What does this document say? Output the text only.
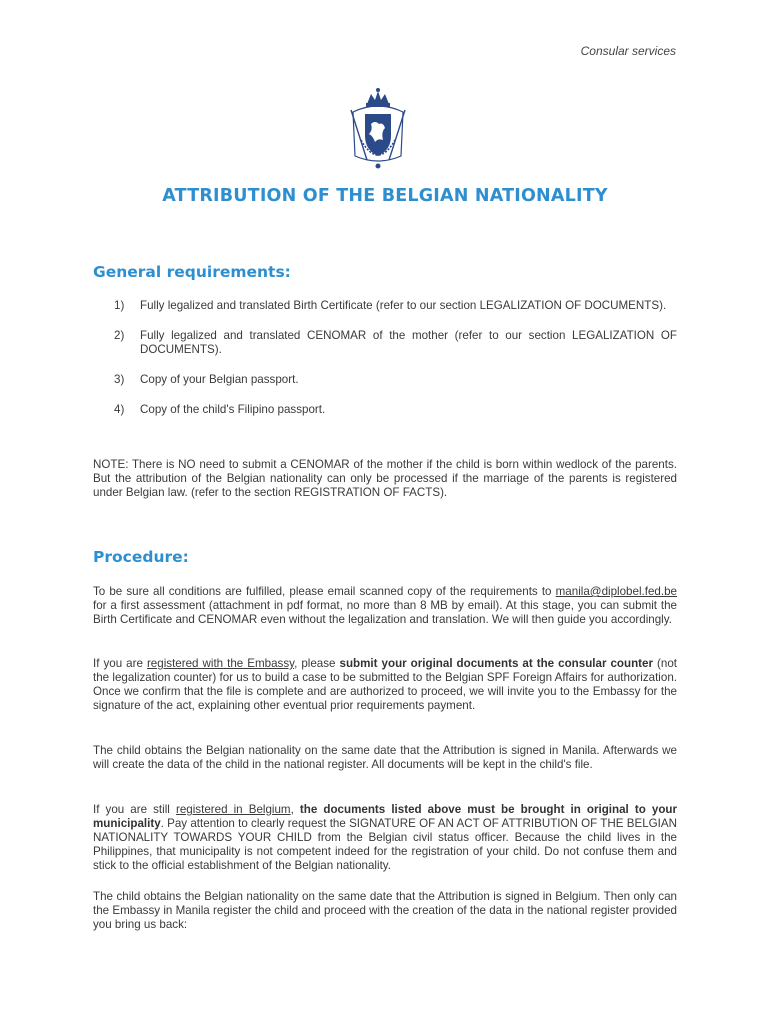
Consular services
ATTRIBUTION OF THE BELGIAN NATIONALITY
General requirements:
1) Fully legalized and translated Birth Certificate (refer to our section LEGALIZATION OF DOCUMENTS).
2) Fully legalized and translated CENOMAR of the mother (refer to our section LEGALIZATION OF DOCUMENTS).
3) Copy of your Belgian passport.
4) Copy of the child's Filipino passport.

NOTE: There is NO need to submit a CENOMAR of the mother if the child is born within wedlock of the parents. But the attribution of the Belgian nationality can only be processed if the marriage of the parents is registered under Belgian law. (refer to the section REGISTRATION OF FACTS).

Procedure:

To be sure all conditions are fulfilled, please email scanned copy of the requirements to manila@diplobel.fed.be for a first assessment (attachment in pdf format, no more than 8 MB by email). At this stage, you can submit the Birth Certificate and CENOMAR even without the legalization and translation. We will then guide you accordingly.

If you are registered with the Embassy, please submit your original documents at the consular counter (not the legalization counter) for us to build a case to be submitted to the Belgian SPF Foreign Affairs for authorization. Once we confirm that the file is complete and are authorized to proceed, we will invite you to the Embassy for the signature of the act, explaining other eventual prior requirements payment.

The child obtains the Belgian nationality on the same date that the Attribution is signed in Manila. Afterwards we will create the data of the child in the national register. All documents will be kept in the child's file.

If you are still registered in Belgium, the documents listed above must be brought in original to your municipality. Pay attention to clearly request the SIGNATURE OF AN ACT OF ATTRIBUTION OF THE BELGIAN NATIONALITY TOWARDS YOUR CHILD from the Belgian civil status officer. Because the child lives in the Philippines, that municipality is not competent indeed for the registration of your child. Do not confuse them and stick to the official establishment of the Belgian nationality.

The child obtains the Belgian nationality on the same date that the Attribution is signed in Belgium. Then only can the Embassy in Manila register the child and proceed with the creation of the data in the national register provided you bring us back:
